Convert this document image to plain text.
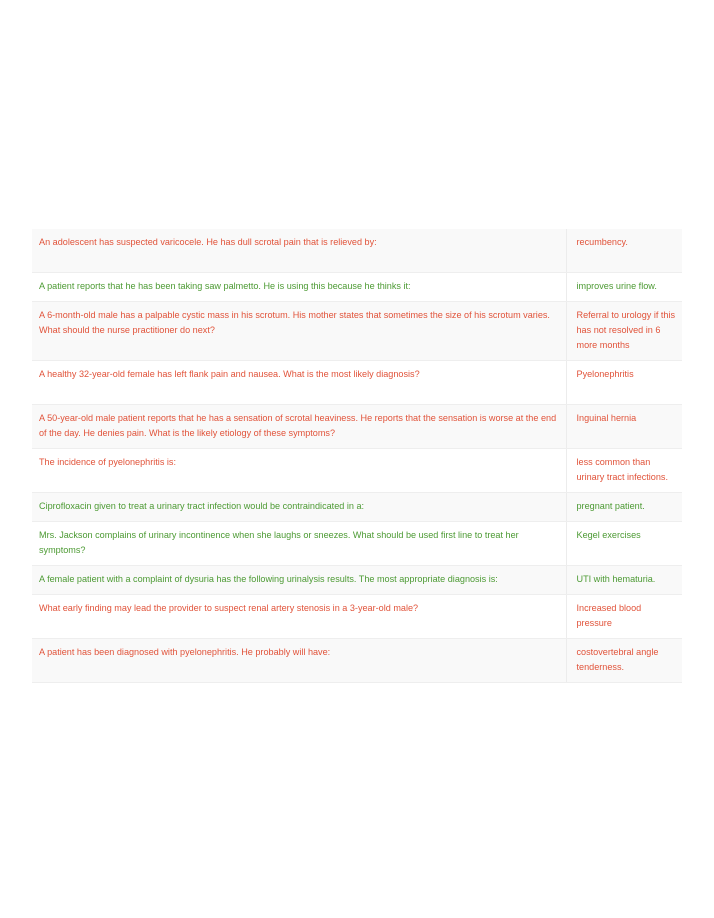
An adolescent has suspected varicocele. He has dull scrotal pain that is relieved by:	recumbency.
A patient reports that he has been taking saw palmetto. He is using this because he thinks it:	improves urine flow.
A 6-month-old male has a palpable cystic mass in his scrotum. His mother states that sometimes the size of his scrotum varies. What should the nurse practitioner do next?	Referral to urology if this has not resolved in 6 more months
A healthy 32-year-old female has left flank pain and nausea. What is the most likely diagnosis?	Pyelonephritis
A 50-year-old male patient reports that he has a sensation of scrotal heaviness. He reports that the sensation is worse at the end of the day. He denies pain. What is the likely etiology of these symptoms?	Inguinal hernia
The incidence of pyelonephritis is:	less common than urinary tract infections.
Ciprofloxacin given to treat a urinary tract infection would be contraindicated in a:	pregnant patient.
Mrs. Jackson complains of urinary incontinence when she laughs or sneezes. What should be used first line to treat her symptoms?	Kegel exercises
A female patient with a complaint of dysuria has the following urinalysis results. The most appropriate diagnosis is:	UTI with hematuria.
What early finding may lead the provider to suspect renal artery stenosis in a 3-year-old male?	Increased blood pressure
A patient has been diagnosed with pyelonephritis. He probably will have:	costovertebral angle tenderness.
